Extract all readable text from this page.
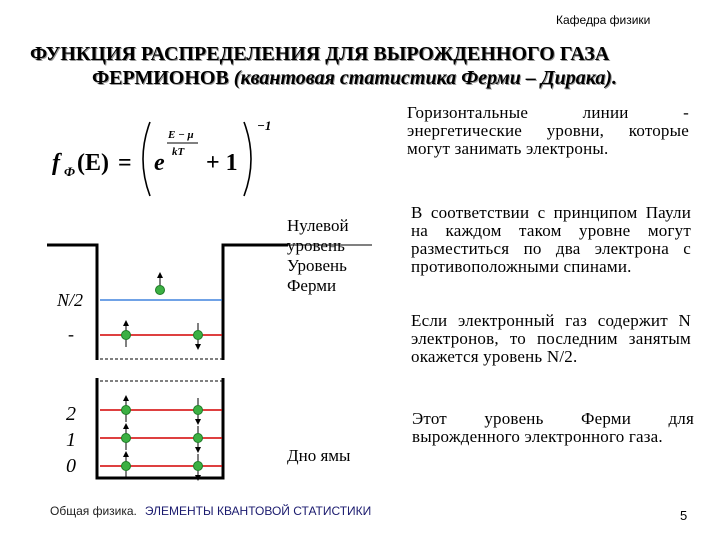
Кафедра физики
ФУНКЦИЯ РАСПРЕДЕЛЕНИЯ ДЛЯ ВЫРОЖДЕННОГО ГАЗА
ФЕРМИОНОВ (квантовая статистика Ферми – Дирака).
f Ф (E) = e
E − μ
kT + 1
−1
Горизонтальные линии - энергетические уровни, которые могут занимать электроны.
В соответствии с принципом Паули на каждом таком уровне могут разместиться по два электрона с противоположными спинами.
Если электронный газ содержит N электронов, то последним занятым окажется уровень N/2.
Этот уровень Ферми для вырожденного электронного газа.
Нулевой уровень
Уровень Ферми
Дно ямы
N/2
-
2
1
0
Общая физика. ЭЛЕМЕНТЫ КВАНТОВОЙ СТАТИСТИКИ	5
